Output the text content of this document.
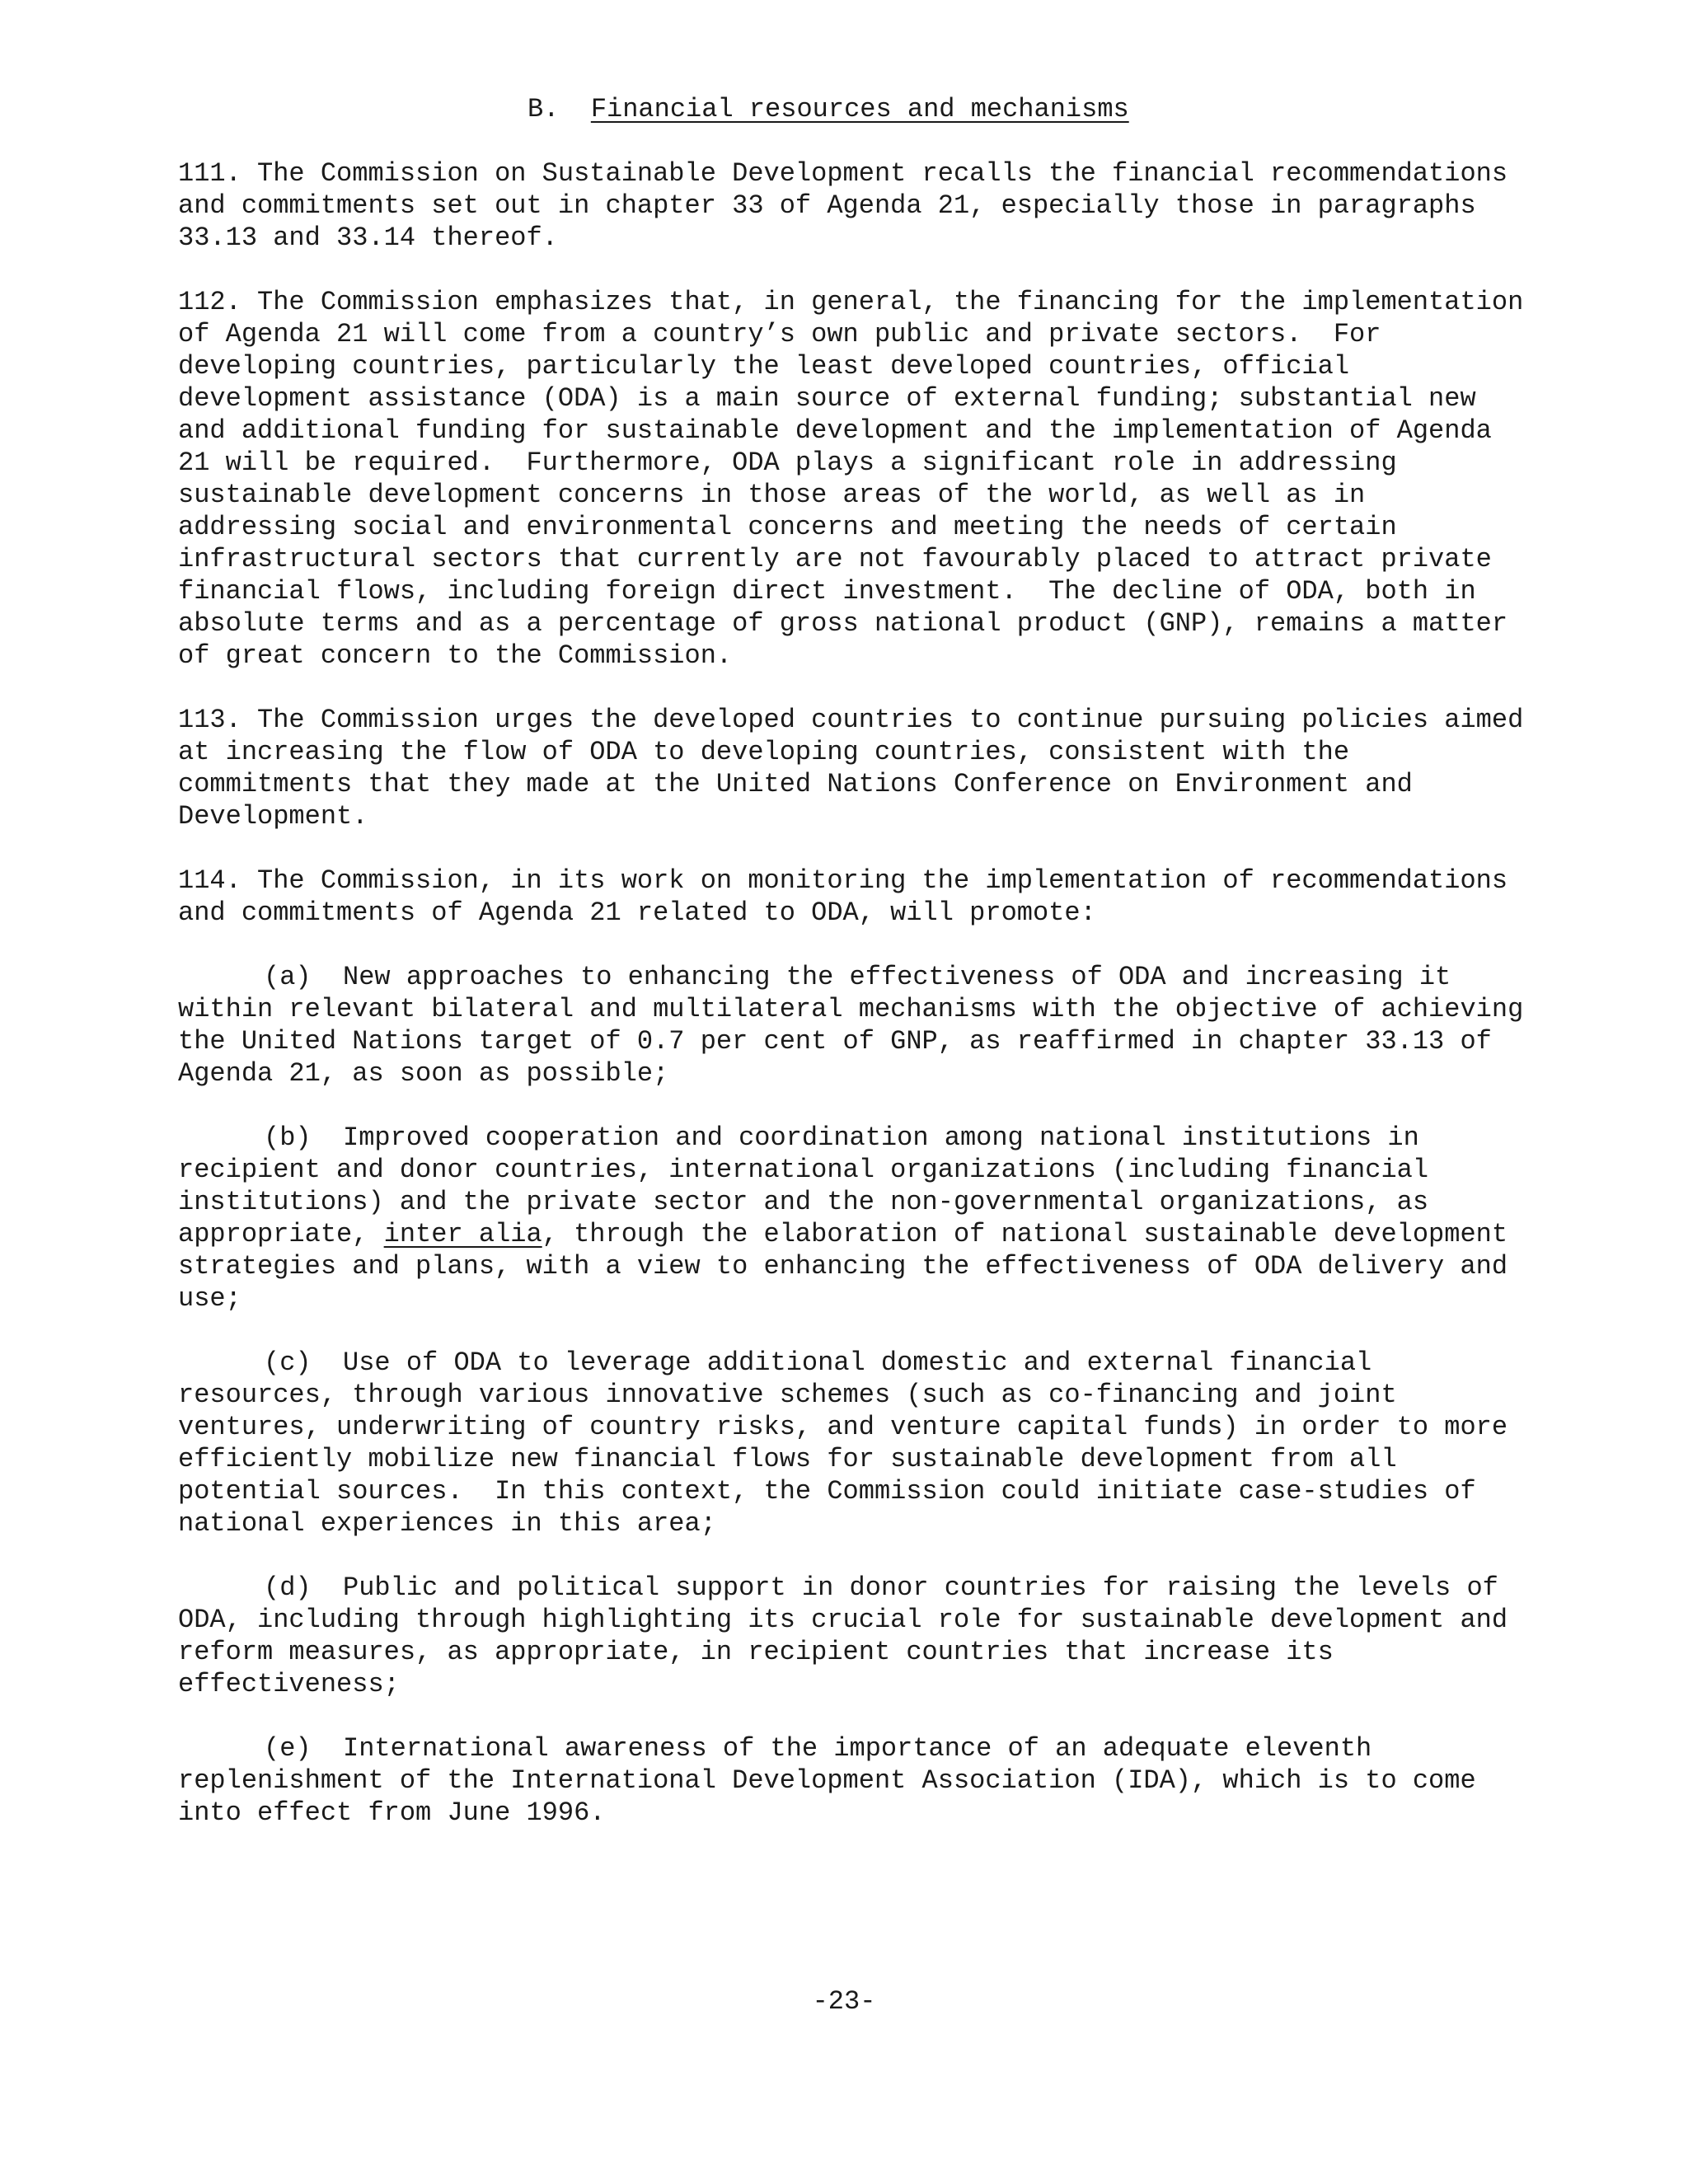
B. Financial resources and mechanisms

111. The Commission on Sustainable Development recalls the financial recommendations and commitments set out in chapter 33 of Agenda 21, especially those in paragraphs 33.13 and 33.14 thereof.

112. The Commission emphasizes that, in general, the financing for the implementation of Agenda 21 will come from a country’s own public and private sectors.  For developing countries, particularly the least developed countries, official development assistance (ODA) is a main source of external funding; substantial new and additional funding for sustainable development and the implementation of Agenda 21 will be required.  Furthermore, ODA plays a significant role in addressing sustainable development concerns in those areas of the world, as well as in addressing social and environmental concerns and meeting the needs of certain infrastructural sectors that currently are not favourably placed to attract private financial flows, including foreign direct investment.  The decline of ODA, both in absolute terms and as a percentage of gross national product (GNP), remains a matter of great concern to the Commission.

113. The Commission urges the developed countries to continue pursuing policies aimed at increasing the flow of ODA to developing countries, consistent with the commitments that they made at the United Nations Conference on Environment and Development.

114. The Commission, in its work on monitoring the implementation of recommendations and commitments of Agenda 21 related to ODA, will promote:

(a)  New approaches to enhancing the effectiveness of ODA and increasing it within relevant bilateral and multilateral mechanisms with the objective of achieving the United Nations target of 0.7 per cent of GNP, as reaffirmed in chapter 33.13 of Agenda 21, as soon as possible;

(b)  Improved cooperation and coordination among national institutions in recipient and donor countries, international organizations (including financial institutions) and the private sector and the non-governmental organizations, as appropriate, inter alia, through the elaboration of national sustainable development strategies and plans, with a view to enhancing the effectiveness of ODA delivery and use;

(c)  Use of ODA to leverage additional domestic and external financial resources, through various innovative schemes (such as co-financing and joint ventures, underwriting of country risks, and venture capital funds) in order to more efficiently mobilize new financial flows for sustainable development from all potential sources.  In this context, the Commission could initiate case-studies of national experiences in this area;

(d)  Public and political support in donor countries for raising the levels of ODA, including through highlighting its crucial role for sustainable development and reform measures, as appropriate, in recipient countries that increase its effectiveness;

(e)  International awareness of the importance of an adequate eleventh replenishment of the International Development Association (IDA), which is to come into effect from June 1996.

-23-
